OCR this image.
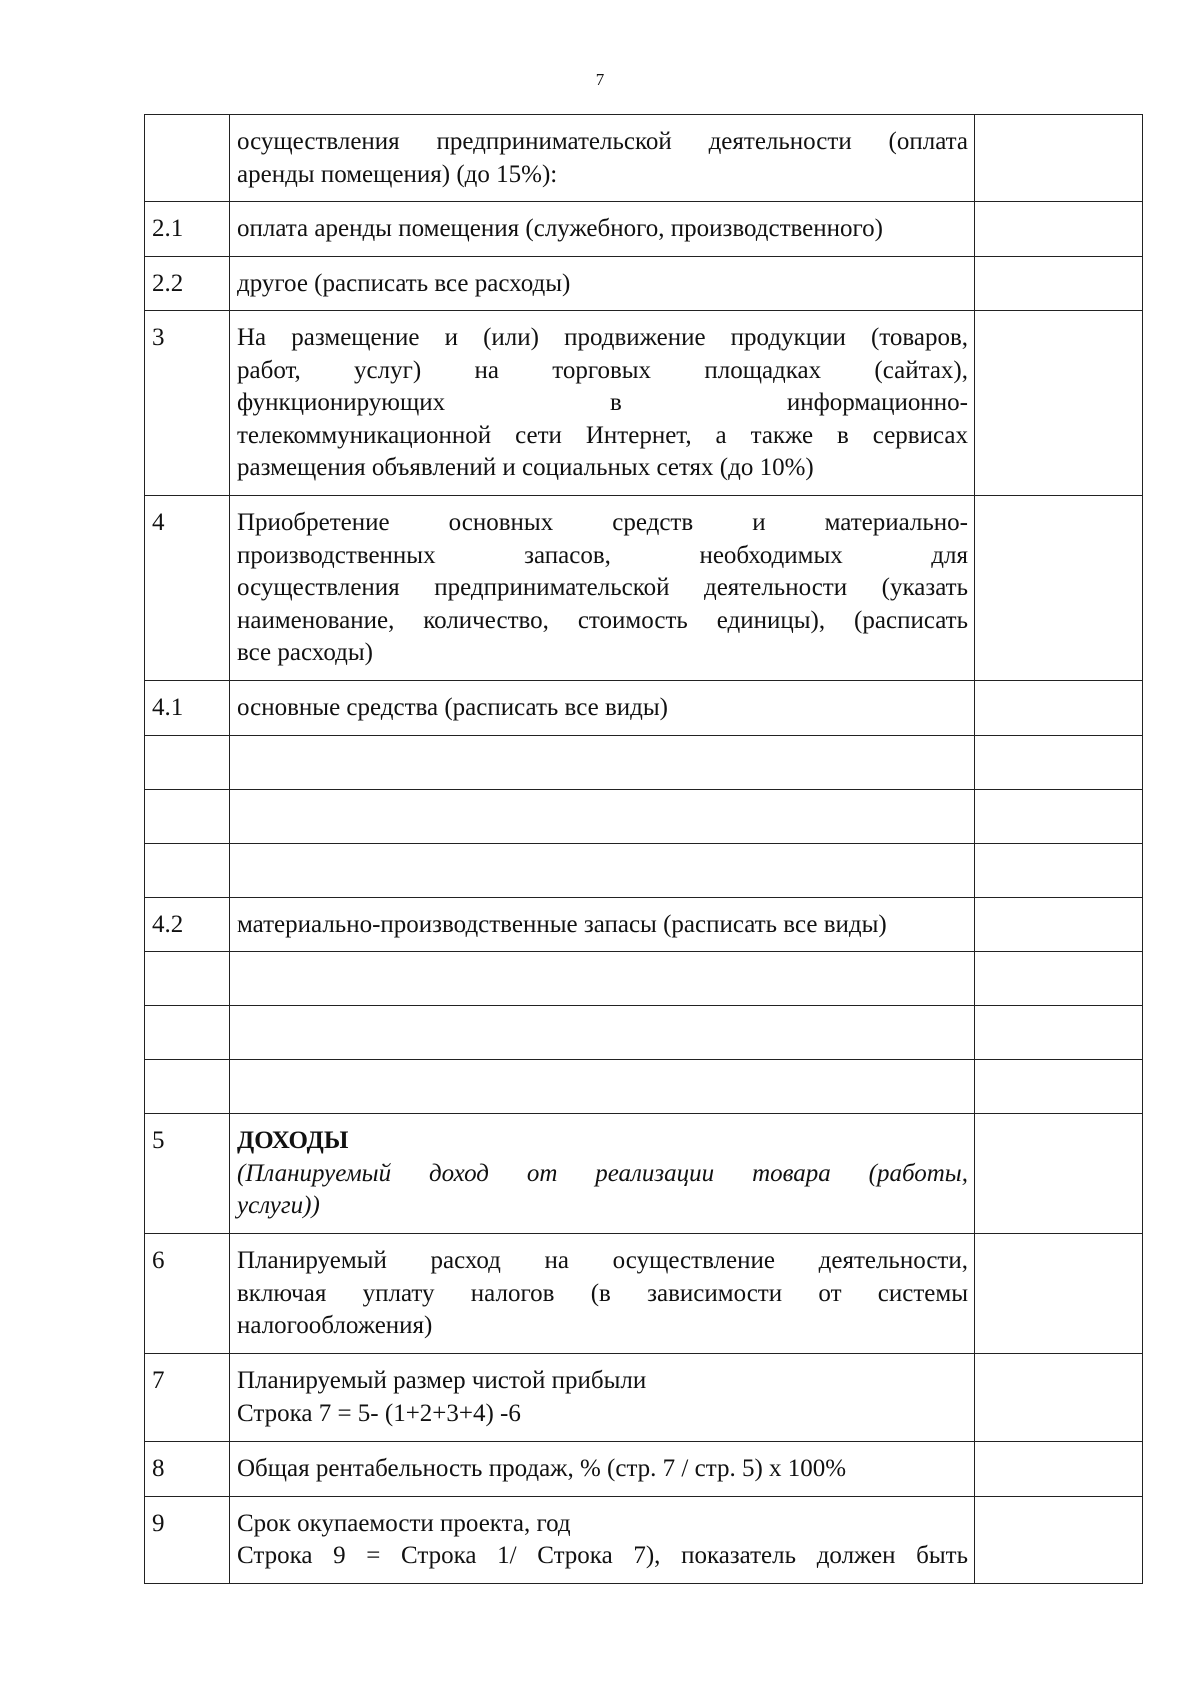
7

	осуществления предпринимательской деятельности (оплата
аренды помещения) (до 15%):	

2.1	оплата аренды помещения (служебного, производственного)	

2.2	другое (расписать все расходы)	

3	На размещение и (или) продвижение продукции (товаров,
работ, услуг) на торговых площадках (сайтах),
функционирующих в информационно-
телекоммуникационной сети Интернет, а также в сервисах
размещения объявлений и социальных сетях (до 10%)	

4	Приобретение основных средств и материально-
производственных запасов, необходимых для
осуществления предпринимательской деятельности (указать
наименование, количество, стоимость единицы), (расписать
все расходы)	

4.1	основные средства (расписать все виды)	

4.2	материально-производственные запасы (расписать все виды)	

5	ДОХОДЫ
(Планируемый доход от реализации товара (работы,
услуги))	

6	Планируемый расход на осуществление деятельности,
включая уплату налогов (в зависимости от системы
налогообложения)	

7	Планируемый размер чистой прибыли
Строка 7 = 5- (1+2+3+4) -6	

8	Общая рентабельность продаж, % (стр. 7 / стр. 5) х 100%	

9	Срок окупаемости проекта, год
Строка 9 = Строка 1/ Строка 7), показатель должен быть	
